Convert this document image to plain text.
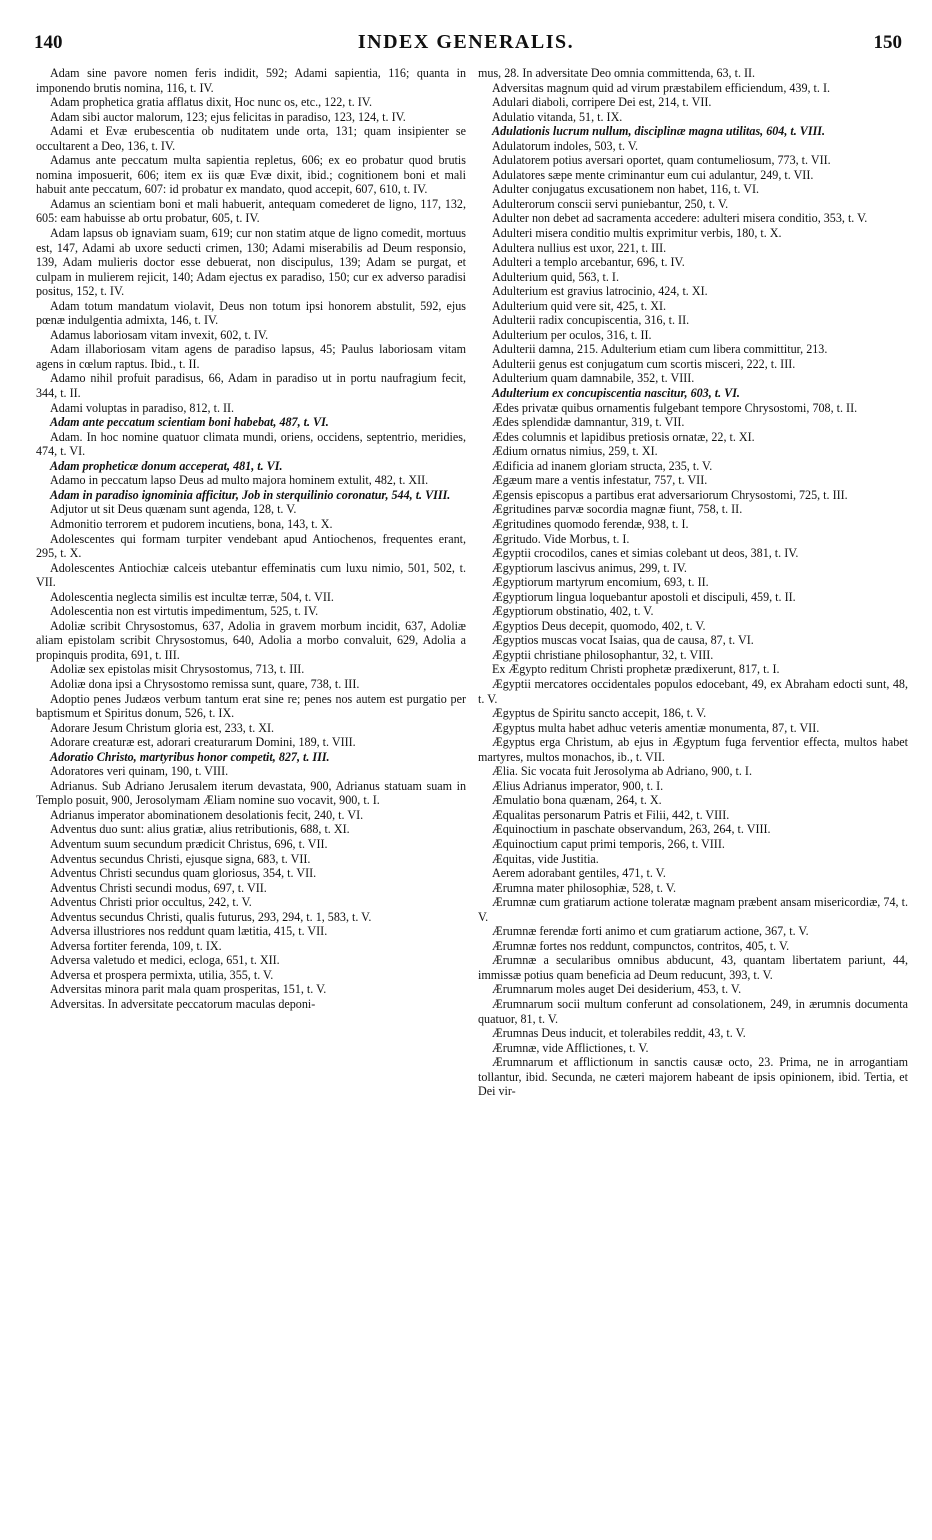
140	INDEX GENERALIS.	150

Adam sine pavore nomen feris indidit, 592; Adami sapientia, 116; quanta in imponendo brutis nomina, 116, t. IV.

Adam prophetica gratia afflatus dixit, Hoc nunc os, etc., 122, t. IV.

Adam sibi auctor malorum, 123; ejus felicitas in paradiso, 123, 124, t. IV.

Adami et Evæ erubescentia ob nuditatem unde orta, 131; quam insipienter se occultarent a Deo, 136, t. IV.

Adamus ante peccatum multa sapientia repletus, 606; ex eo probatur quod brutis nomina imposuerit, 606; item ex iis quæ Evæ dixit, ibid.; cognitionem boni et mali habuit ante peccatum, 607: id probatur ex mandato, quod accepit, 607, 610, t. IV.

Adamus an scientiam boni et mali habuerit, antequam comederet de ligno, 117, 132, 605: eam habuisse ab ortu probatur, 605, t. IV.

Adam lapsus ob ignaviam suam, 619; cur non statim atque de ligno comedit, mortuus est, 147, Adami ab uxore seducti crimen, 130; Adami miserabilis ad Deum responsio, 139, Adam mulieris doctor esse debuerat, non discipulus, 139; Adam se purgat, et culpam in mulierem rejicit, 140; Adam ejectus ex paradiso, 150; cur ex adverso paradisi positus, 152, t. IV.

Adam totum mandatum violavit, Deus non totum ipsi honorem abstulit, 592, ejus pœnæ indulgentia admixta, 146, t. IV.

Adamus laboriosam vitam invexit, 602, t. IV.

Adam illaboriosam vitam agens de paradiso lapsus, 45; Paulus laboriosam vitam agens in cœlum raptus. Ibid., t. II.

Adamo nihil profuit paradisus, 66, Adam in paradiso ut in portu naufragium fecit, 344, t. II.

Adami voluptas in paradiso, 812, t. II.

Adam ante peccatum scientiam boni habebat, 487, t. VI.

Adam. In hoc nomine quatuor climata mundi, oriens, occidens, septentrio, meridies, 474, t. VI.

Adam propheticæ donum acceperat, 481, t. VI.

Adamo in peccatum lapso Deus ad multo majora hominem extulit, 482, t. XII.

Adam in paradiso ignominia afficitur, Job in sterquilinio coronatur, 544, t. VIII.

Adjutor ut sit Deus quænam sunt agenda, 128, t. V.

Admonitio terrorem et pudorem incutiens, bona, 143, t. X.

Adolescentes qui formam turpiter vendebant apud Antiochenos, frequentes erant, 295, t. X.

Adolescentes Antiochiæ calceis utebantur effeminatis cum luxu nimio, 501, 502, t. VII.

Adolescentia neglecta similis est incultæ terræ, 504, t. VII.

Adolescentia non est virtutis impedimentum, 525, t. IV.

Adoliæ scribit Chrysostomus, 637, Adolia in gravem morbum incidit, 637, Adoliæ aliam epistolam scribit Chrysostomus, 640, Adolia a morbo convaluit, 629, Adolia a propinquis prodita, 691, t. III.

Adoliæ sex epistolas misit Chrysostomus, 713, t. III.

Adoliæ dona ipsi a Chrysostomo remissa sunt, quare, 738, t. III.

Adoptio penes Judæos verbum tantum erat sine re; penes nos autem est purgatio per baptismum et Spiritus donum, 526, t. IX.

Adorare Jesum Christum gloria est, 233, t. XI.

Adorare creaturæ est, adorari creaturarum Domini, 189, t. VIII.

Adoratio Christo, martyribus honor competit, 827, t. III.

Adoratores veri quinam, 190, t. VIII.

Adrianus. Sub Adriano Jerusalem iterum devastata, 900, Adrianus statuam suam in Templo posuit, 900, Jerosolymam Æliam nomine suo vocavit, 900, t. I.

Adrianus imperator abominationem desolationis fecit, 240, t. VI.

Adventus duo sunt: alius gratiæ, alius retributionis, 688, t. XI.

Adventum suum secundum prædicit Christus, 696, t. VII.

Adventus secundus Christi, ejusque signa, 683, t. VII.

Adventus Christi secundus quam gloriosus, 354, t. VII.

Adventus Christi secundi modus, 697, t. VII.

Adventus Christi prior occultus, 242, t. V.

Adventus secundus Christi, qualis futurus, 293, 294, t. 1, 583, t. V.

Adversa illustriores nos reddunt quam lætitia, 415, t. VII.

Adversa fortiter ferenda, 109, t. IX.

Adversa valetudo et medici, ecloga, 651, t. XII.

Adversa et prospera permixta, utilia, 355, t. V.

Adversitas minora parit mala quam prosperitas, 151, t. V.

Adversitas. In adversitate peccatorum maculas deponi-

mus, 28. In adversitate Deo omnia committenda, 63, t. II.

Adversitas magnum quid ad virum præstabilem efficiendum, 439, t. I.

Adulari diaboli, corripere Dei est, 214, t. VII.

Adulatio vitanda, 51, t. IX.

Adulationis lucrum nullum, disciplinæ magna utilitas, 604, t. VIII.

Adulatorum indoles, 503, t. V.

Adulatorem potius aversari oportet, quam contumeliosum, 773, t. VII.

Adulatores sæpe mente criminantur eum cui adulantur, 249, t. VII.

Adulter conjugatus excusationem non habet, 116, t. VI.

Adulterorum conscii servi puniebantur, 250, t. V.

Adulter non debet ad sacramenta accedere: adulteri misera conditio, 353, t. V.

Adulteri misera conditio multis exprimitur verbis, 180, t. X.

Adultera nullius est uxor, 221, t. III.

Adulteri a templo arcebantur, 696, t. IV.

Adulterium quid, 563, t. I.

Adulterium est gravius latrocinio, 424, t. XI.

Adulterium quid vere sit, 425, t. XI.

Adulterii radix concupiscentia, 316, t. II.

Adulterium per oculos, 316, t. II.

Adulterii damna, 215. Adulterium etiam cum libera committitur, 213.

Adulterii genus est conjugatum cum scortis misceri, 222, t. III.

Adulterium quam damnabile, 352, t. VIII.

Adulterium ex concupiscentia nascitur, 603, t. VI.

Ædes privatæ quibus ornamentis fulgebant tempore Chrysostomi, 708, t. II.

Ædes splendidæ damnantur, 319, t. VII.

Ædes columnis et lapidibus pretiosis ornatæ, 22, t. XI.

Ædium ornatus nimius, 259, t. XI.

Ædificia ad inanem gloriam structa, 235, t. V.

Ægæum mare a ventis infestatur, 757, t. VII.

Ægensis episcopus a partibus erat adversariorum Chrysostomi, 725, t. III.

Ægritudines parvæ socordia magnæ fiunt, 758, t. II.

Ægritudines quomodo ferendæ, 938, t. I.

Ægritudo. Vide Morbus, t. I.

Ægyptii crocodilos, canes et simias colebant ut deos, 381, t. IV.

Ægyptiorum lascivus animus, 299, t. IV.

Ægyptiorum martyrum encomium, 693, t. II.

Ægyptiorum lingua loquebantur apostoli et discipuli, 459, t. II.

Ægyptiorum obstinatio, 402, t. V.

Ægyptios Deus decepit, quomodo, 402, t. V.

Ægyptios muscas vocat Isaias, qua de causa, 87, t. VI.

Ægyptii christiane philosophantur, 32, t. VIII.

Ex Ægypto reditum Christi prophetæ prædixerunt, 817, t. I.

Ægyptii mercatores occidentales populos edocebant, 49, ex Abraham edocti sunt, 48, t. V.

Ægyptus de Spiritu sancto accepit, 186, t. V.

Ægyptus multa habet adhuc veteris amentiæ monumenta, 87, t. VII.

Ægyptus erga Christum, ab ejus in Ægyptum fuga ferventior effecta, multos habet martyres, multos monachos, ib., t. VII.

Ælia. Sic vocata fuit Jerosolyma ab Adriano, 900, t. I.

Ælius Adrianus imperator, 900, t. I.

Æmulatio bona quænam, 264, t. X.

Æqualitas personarum Patris et Filii, 442, t. VIII.

Æquinoctium in paschate observandum, 263, 264, t. VIII.

Æquinoctium caput primi temporis, 266, t. VIII.

Æquitas, vide Justitia.

Aerem adorabant gentiles, 471, t. V.

Ærumna mater philosophiæ, 528, t. V.

Ærumnæ cum gratiarum actione toleratæ magnam præbent ansam misericordiæ, 74, t. V.

Ærumnæ ferendæ forti animo et cum gratiarum actione, 367, t. V.

Ærumnæ fortes nos reddunt, compunctos, contritos, 405, t. V.

Ærumnæ a secularibus omnibus abducunt, 43, quantam libertatem pariunt, 44, immissæ potius quam beneficia ad Deum reducunt, 393, t. V.

Ærumnarum moles auget Dei desiderium, 453, t. V.

Ærumnarum socii multum conferunt ad consolationem, 249, in ærumnis documenta quatuor, 81, t. V.

Ærumnas Deus inducit, et tolerabiles reddit, 43, t. V.

Ærumnæ, vide Afflictiones, t. V.

Ærumnarum et afflictionum in sanctis causæ octo, 23. Prima, ne in arrogantiam tollantur, ibid. Secunda, ne cæteri majorem habeant de ipsis opinionem, ibid. Tertia, et Dei vir-
